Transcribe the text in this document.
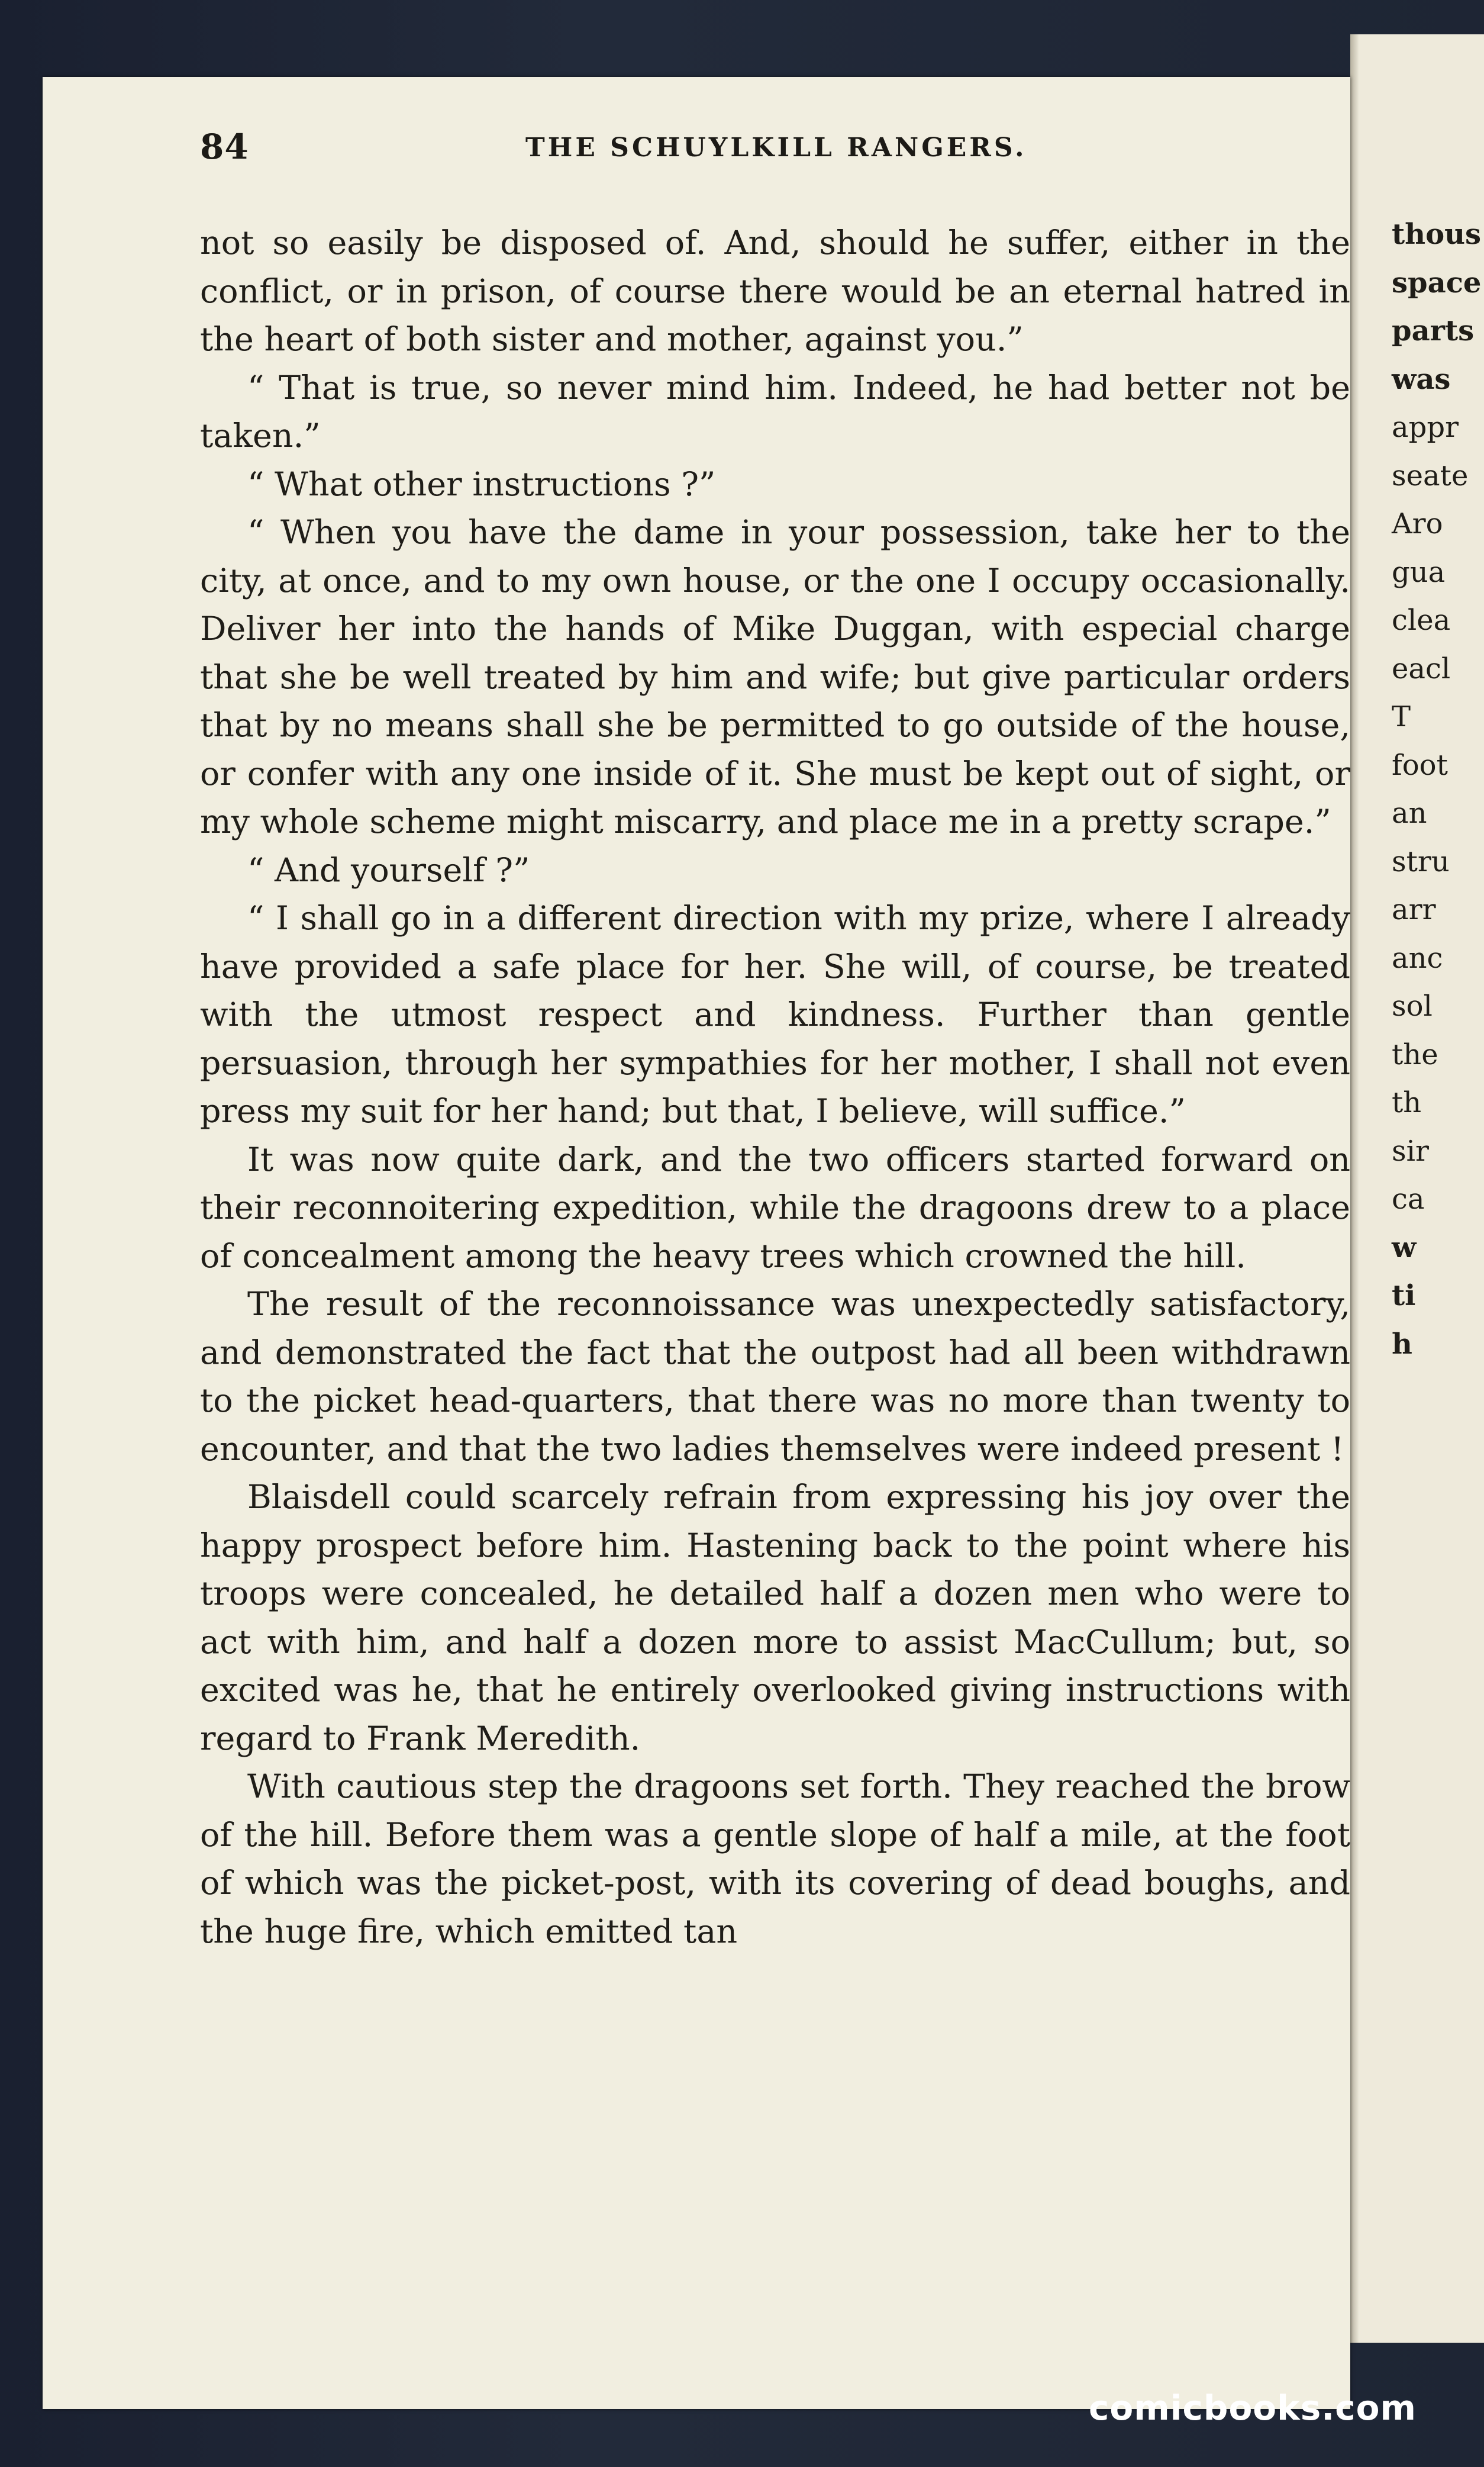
thous
space
parts
was
appr
seate
Aro
gua
clea
eacl
T
foot
an
stru
arr
anc
sol
the
th
sir
ca
w
ti
h
84	THE SCHUYLKILL RANGERS.

not so easily be disposed of. And, should he suffer, either in the conflict, or in prison, of course there would be an eternal hatred in the heart of both sister and mother, against you.”

“ That is true, so never mind him. Indeed, he had better not be taken.”

“ What other instructions ?”

“ When you have the dame in your possession, take her to the city, at once, and to my own house, or the one I occupy occasionally. Deliver her into the hands of Mike Duggan, with especial charge that she be well treated by him and wife; but give particular orders that by no means shall she be permitted to go outside of the house, or confer with any one inside of it. She must be kept out of sight, or my whole scheme might miscarry, and place me in a pretty scrape.”

“ And yourself ?”

“ I shall go in a different direction with my prize, where I already have provided a safe place for her. She will, of course, be treated with the utmost respect and kindness. Further than gentle persuasion, through her sympathies for her mother, I shall not even press my suit for her hand; but that, I believe, will suffice.”

It was now quite dark, and the two officers started forward on their reconnoitering expedition, while the dragoons drew to a place of concealment among the heavy trees which crowned the hill.

The result of the reconnoissance was unexpectedly satisfactory, and demonstrated the fact that the outpost had all been withdrawn to the picket head-quarters, that there was no more than twenty to encounter, and that the two ladies themselves were indeed present !

Blaisdell could scarcely refrain from expressing his joy over the happy prospect before him. Hastening back to the point where his troops were concealed, he detailed half a dozen men who were to act with him, and half a dozen more to assist MacCullum; but, so excited was he, that he entirely overlooked giving instructions with regard to Frank Meredith.

With cautious step the dragoons set forth. They reached the brow of the hill. Before them was a gentle slope of half a mile, at the foot of which was the picket-post, with its covering of dead boughs, and the huge fire, which emitted tan

comicbooks.com
